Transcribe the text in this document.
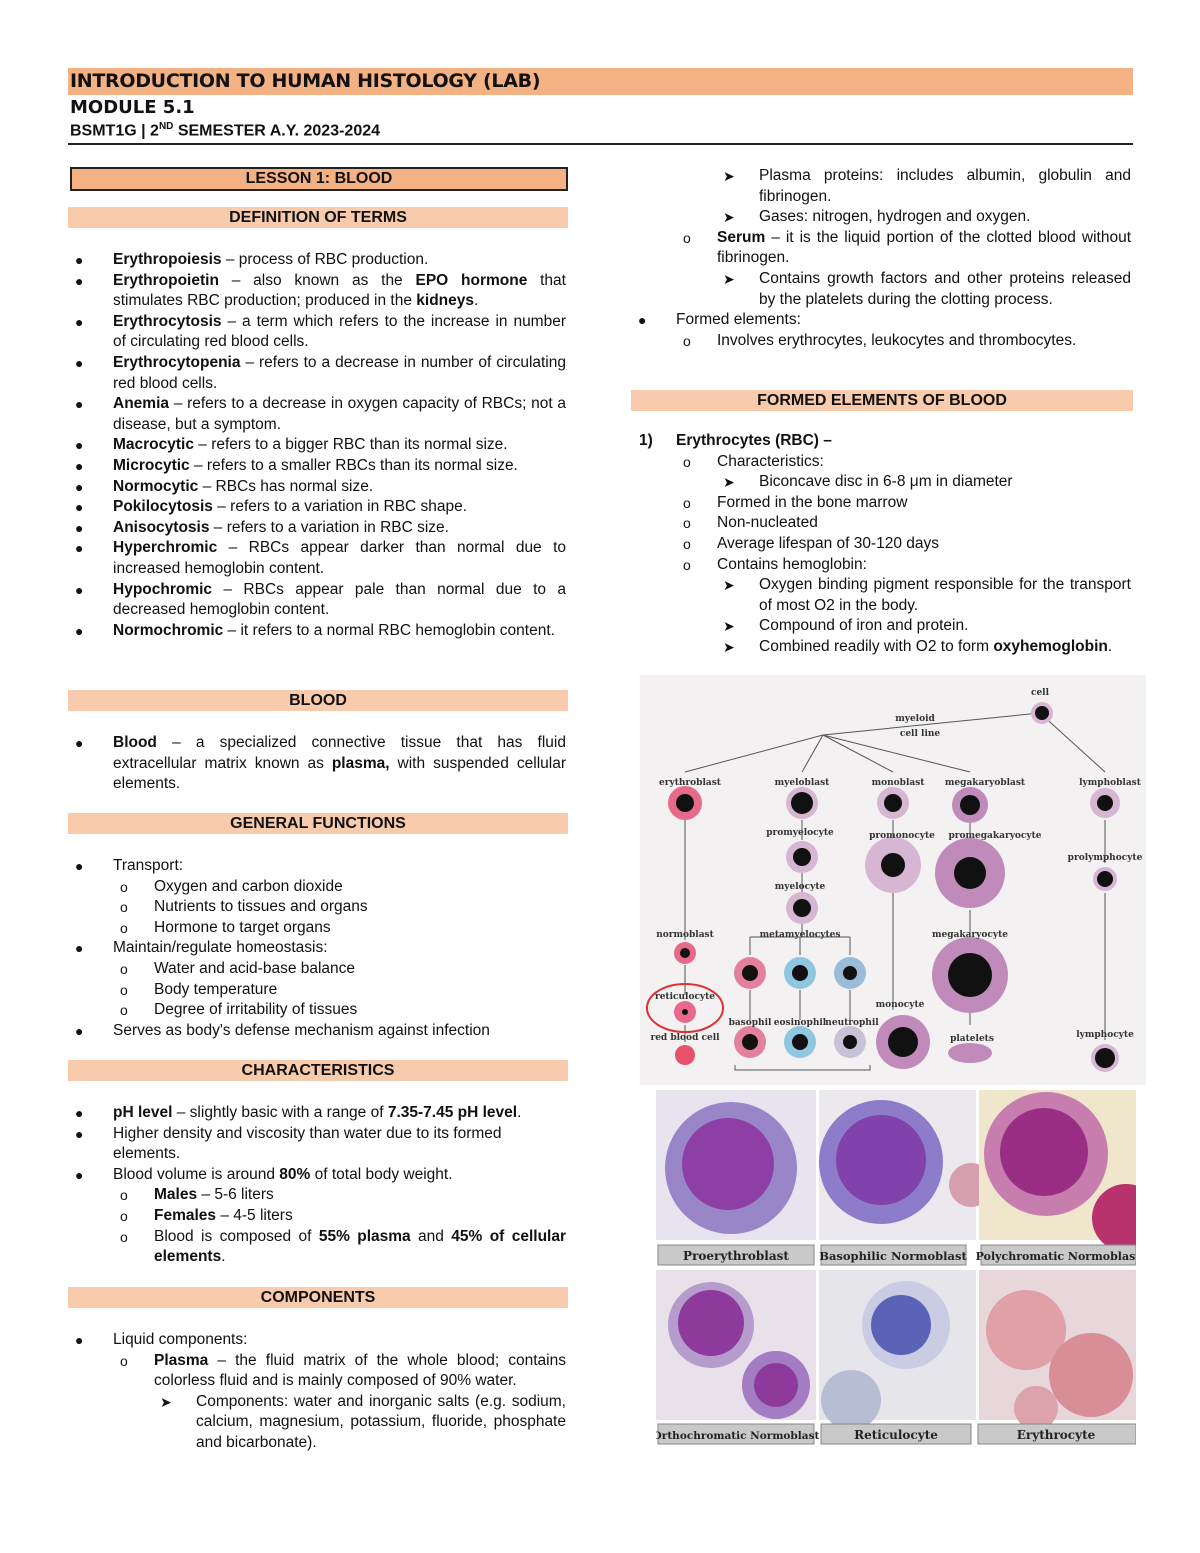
INTRODUCTION TO HUMAN HISTOLOGY (LAB)
MODULE 5.1
BSMT1G | 2ND SEMESTER A.Y. 2023-2024
LESSON 1: BLOOD
DEFINITION OF TERMS
● Erythropoiesis – process of RBC production.
● Erythropoietin – also known as the EPO hormone that stimulates RBC production; produced in the kidneys.
● Erythrocytosis – a term which refers to the increase in number of circulating red blood cells.
● Erythrocytopenia – refers to a decrease in number of circulating red blood cells.
● Anemia – refers to a decrease in oxygen capacity of RBCs; not a disease, but a symptom.
● Macrocytic – refers to a bigger RBC than its normal size.
● Microcytic – refers to a smaller RBCs than its normal size.
● Normocytic – RBCs has normal size.
● Pokilocytosis – refers to a variation in RBC shape.
● Anisocytosis – refers to a variation in RBC size.
● Hyperchromic – RBCs appear darker than normal due to increased hemoglobin content.
● Hypochromic – RBCs appear pale than normal due to a decreased hemoglobin content.
● Normochromic – it refers to a normal RBC hemoglobin content.
BLOOD
● Blood – a specialized connective tissue that has fluid extracellular matrix known as plasma, with suspended cellular elements.
GENERAL FUNCTIONS
● Transport:
o Oxygen and carbon dioxide
o Nutrients to tissues and organs
o Hormone to target organs
● Maintain/regulate homeostasis:
o Water and acid-base balance
o Body temperature
o Degree of irritability of tissues
● Serves as body's defense mechanism against infection
CHARACTERISTICS
● pH level – slightly basic with a range of 7.35-7.45 pH level.
● Higher density and viscosity than water due to its formed elements.
● Blood volume is around 80% of total body weight.
o Males – 5-6 liters
o Females – 4-5 liters
o Blood is composed of 55% plasma and 45% of cellular elements.
COMPONENTS
● Liquid components:
o Plasma – the fluid matrix of the whole blood; contains colorless fluid and is mainly composed of 90% water.
➤ Components: water and inorganic salts (e.g. sodium, calcium, magnesium, potassium, fluoride, phosphate and bicarbonate).
➤ Plasma proteins: includes albumin, globulin and fibrinogen.
➤ Gases: nitrogen, hydrogen and oxygen.
o Serum – it is the liquid portion of the clotted blood without fibrinogen.
➤ Contains growth factors and other proteins released by the platelets during the clotting process.
● Formed elements:
o Involves erythrocytes, leukocytes and thrombocytes.
FORMED ELEMENTS OF BLOOD
1) Erythrocytes (RBC) –
o Characteristics:
➤ Biconcave disc in 6-8 μm in diameter
o Formed in the bone marrow
o Non-nucleated
o Average lifespan of 30-120 days
o Contains hemoglobin:
➤ Oxygen binding pigment responsible for the transport of most O2 in the body.
➤ Compound of iron and protein.
➤ Combined readily with O2 to form oxyhemoglobin.
cell
myeloid
cell line
erythroblast	myeloblast	monoblast megakaryoblast	lymphoblast
promyelocyte	promonocyte promegakaryocyte
prolymphocyte
myelocyte
normoblast	metamyelocytes	megakaryocyte
reticulocyte
red blood cell
basophil eosinophil neutrophil
monocyte
platelets	lymphocyte
Proerythroblast	Basophilic Normoblast Polychromatic Normoblast
Orthochromatic Normoblast	Reticulocyte	Erythrocyte
